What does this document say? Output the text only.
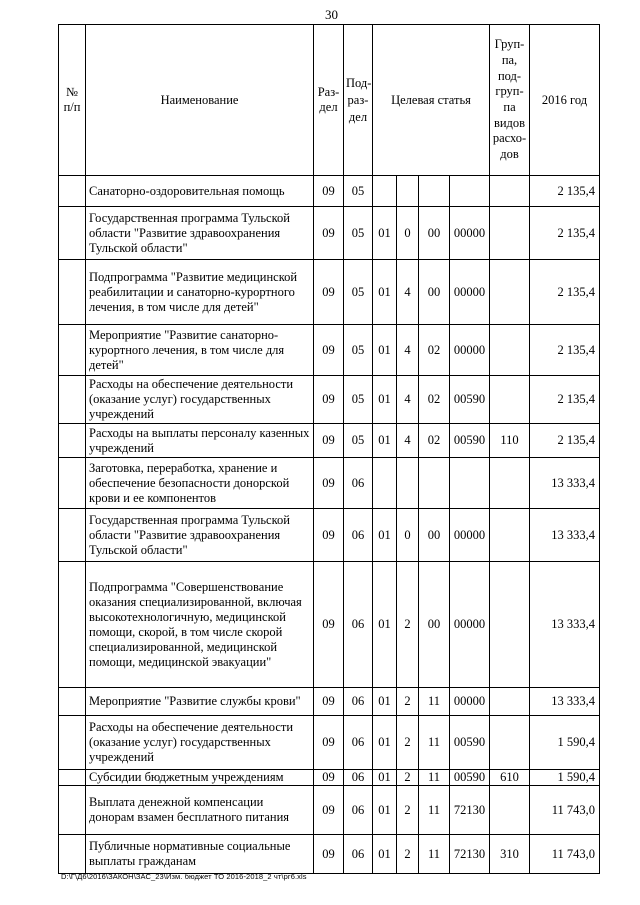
30
№ п/п	Наименование	Раз-дел	Под-раз-дел	Целевая статья				Груп-па, под-груп-па видов расхо-дов	2016 год
	Санаторно-оздоровительная помощь	09	05						2 135,4
	Государственная программа Тульской области "Развитие здравоохранения Тульской области"	09	05	01	0	00	00000		2 135,4
	Подпрограмма "Развитие медицинской реабилитации и санаторно-курортного лечения, в том числе для детей"	09	05	01	4	00	00000		2 135,4
	Мероприятие "Развитие санаторно-курортного лечения, в том числе для детей"	09	05	01	4	02	00000		2 135,4
	Расходы на обеспечение деятельности (оказание услуг) государственных учреждений	09	05	01	4	02	00590		2 135,4
	Расходы на выплаты персоналу казенных учреждений	09	05	01	4	02	00590	110	2 135,4
	Заготовка, переработка, хранение и обеспечение безопасности донорской крови и ее компонентов	09	06						13 333,4
	Государственная программа Тульской области "Развитие здравоохранения Тульской области"	09	06	01	0	00	00000		13 333,4
	Подпрограмма "Совершенствование оказания специализированной, включая высокотехнологичную, медицинской помощи, скорой, в том числе скорой специализированной, медицинской помощи, медицинской эвакуации"	09	06	01	2	00	00000		13 333,4
	Мероприятие "Развитие службы крови"	09	06	01	2	11	00000		13 333,4
	Расходы на обеспечение деятельности (оказание услуг) государственных учреждений	09	06	01	2	11	00590		1 590,4
	Субсидии бюджетным учреждениям	09	06	01	2	11	00590	610	1 590,4
	Выплата денежной компенсации донорам взамен бесплатного питания	09	06	01	2	11	72130		11 743,0
	Публичные нормативные социальные выплаты гражданам	09	06	01	2	11	72130	310	11 743,0
D:\Г\Д6\2016\ЗАКОН\ЗАС_23\Изм. бюджет ТО 2016-2018_2 чт\рг6.xls
